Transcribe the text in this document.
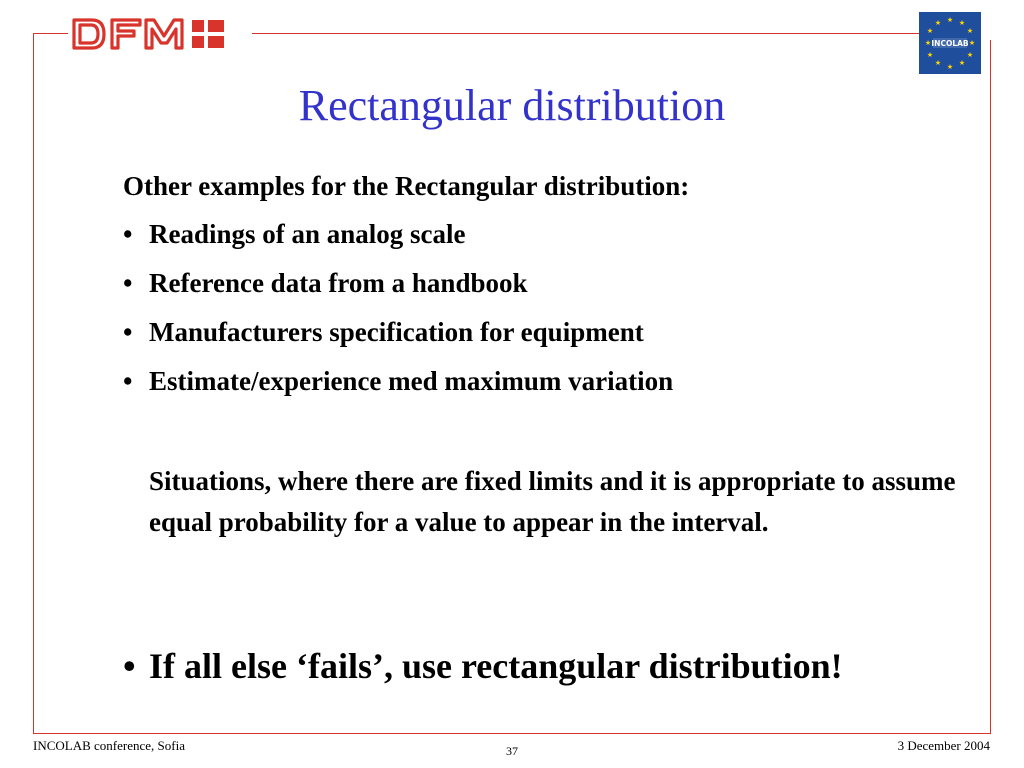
★ ★
★
★
★
★
★
★
★
★
★
★
INCOLAB
Rectangular distribution
Other examples for the Rectangular distribution:
• Readings of an analog scale
• Reference data from a handbook
• Manufacturers specification for equipment
• Estimate/experience med maximum variation
Situations, where there are fixed limits and it is appropriate to assume equal probability for a value to appear in the interval.
• If all else ‘fails’, use rectangular distribution!
INCOLAB conference, Sofia	37	3 December 2004
